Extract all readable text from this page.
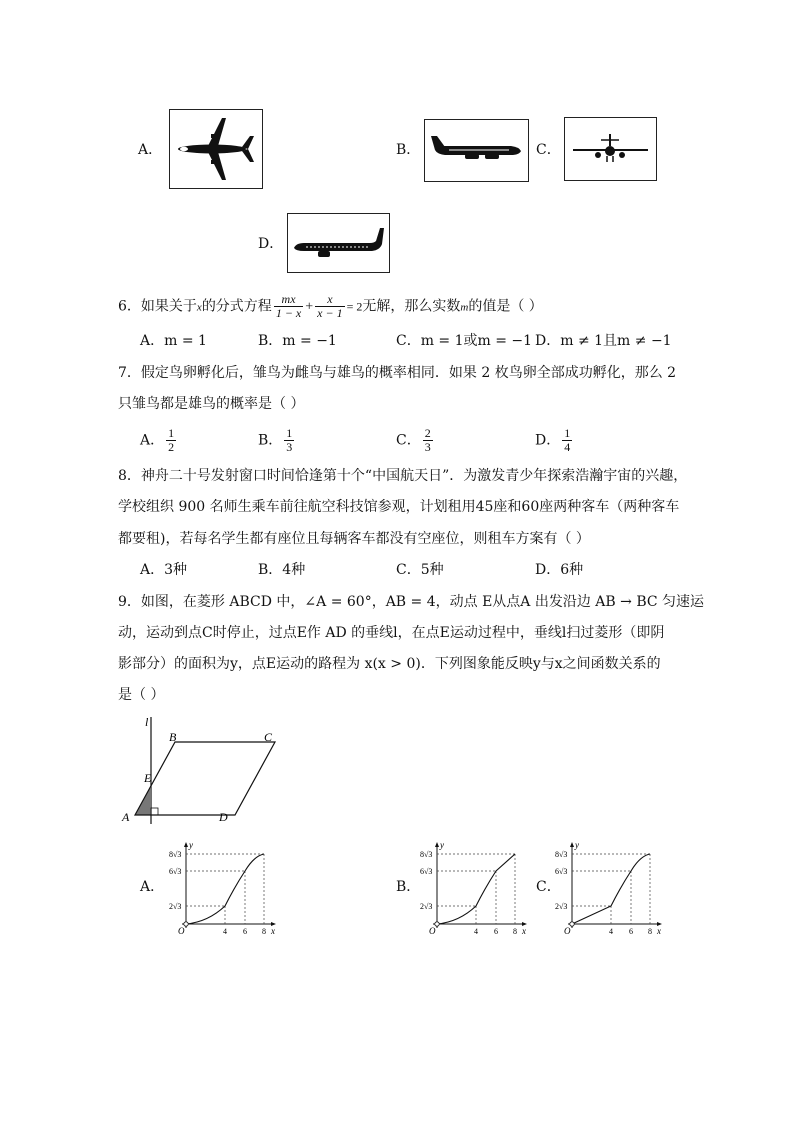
A．	B．	C．
D．
6．如果关于x的分式方程 $\frac{mx}{1 - x} + \frac{x}{x - 1} = 2$无解，那么实数m的值是（ ）
A．m = 1	B．m = −1	C．m = 1或m = −1 D．m ≠ 1且m ≠ −1
7．假定鸟卵孵化后，雏鸟为雌鸟与雄鸟的概率相同．如果 2 枚鸟卵全部成功孵化，那么 2
只雏鸟都是雄鸟的概率是（ ）
A． $\frac{1}{2}$	B． $\frac{1}{3}$	C． $\frac{2}{3}$	D． $\frac{1}{4}$
8．神舟二十号发射窗口时间恰逢第十个“中国航天日”．为激发青少年探索浩瀚宇宙的兴趣，
学校组织 900 名师生乘车前往航空科技馆参观，计划租用45座和60座两种客车（两种客车
都要租)，若每名学生都有座位且每辆客车都没有空座位，则租车方案有（ ）
A．3种	B．4种	C．5种	D．6种
9．如图，在菱形 ABCD 中，∠A = 60°，AB = 4，动点 E从点A 出发沿边 AB → BC 匀速运
动，运动到点C时停止，过点E作 AD 的垂线l，在点E运动过程中，垂线l扫过菱形（即阴
影部分）的面积为y，点E运动的路程为 x(x > 0)．下列图象能反映y与x之间函数关系的
是（ ）
l
B	C
E
A	D
A．	B．	C．
y
x
O
8√3
6√3
2√3
4 6 8
y
x
O
8√3
6√3
2√3
4 6 8
y
x
O
8√3
6√3
2√3
4 6 8
